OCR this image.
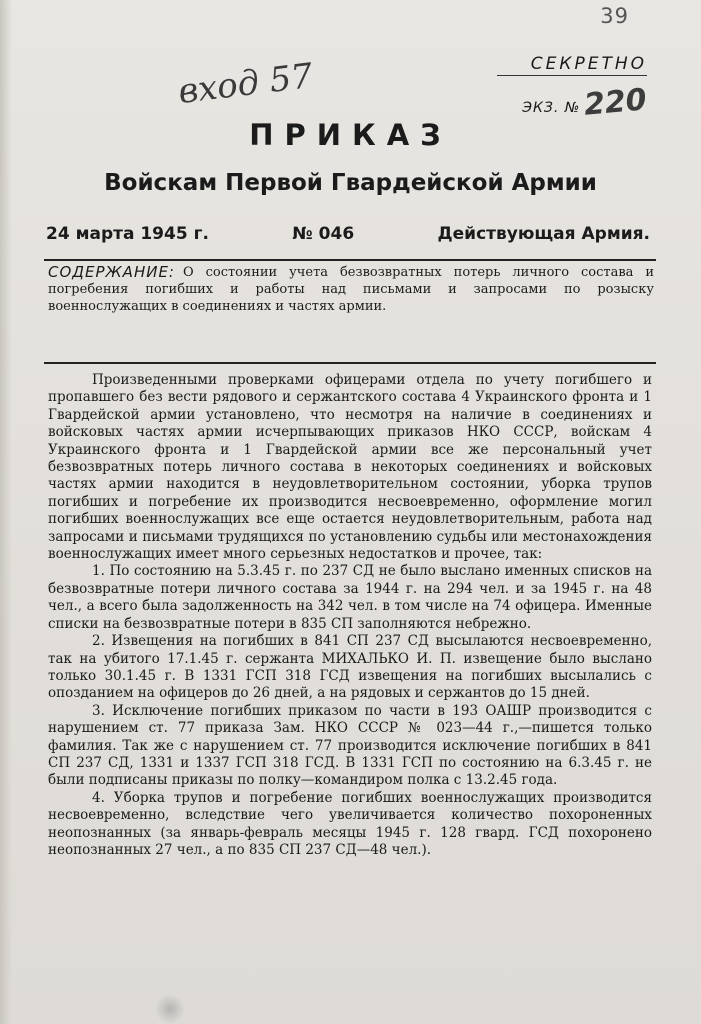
39
СЕКРЕТНО
ЭКЗ. №220
вход 57
ПРИКАЗ
Войскам Первой Гвардейской Армии
24 марта 1945 г.	№ 046	Действующая Армия.
СОДЕРЖАНИЕ: О состоянии учета безвозвратных потерь личного состава и погребения погибших и работы над письмами и запросами по розыску военнослужащих в соединениях и частях армии.

Произведенными проверками офицерами отдела по учету погибшего и пропавшего без вести рядового и сержантского состава 4 Украинского фронта и 1 Гвардейской армии установлено, что несмотря на наличие в соединениях и войсковых частях армии исчерпывающих приказов НКО СССР, войскам 4 Украинского фронта и 1 Гвардейской армии все же персональный учет безвозвратных потерь личного состава в некоторых соединениях и войсковых частях армии находится в неудовлетворительном состоянии, уборка трупов погибших и погребение их производится несвоевременно, оформление могил погибших военнослужащих все еще остается неудовлетворительным, работа над запросами и письмами трудящихся по установлению судьбы или местонахождения военнослужащих имеет много серьезных недостатков и прочее, так:

1. По состоянию на 5.3.45 г. по 237 СД не было выслано именных списков на безвозвратные потери личного состава за 1944 г. на 294 чел. и за 1945 г. на 48 чел., а всего была задолженность на 342 чел. в том числе на 74 офицера. Именные списки на безвозвратные потери в 835 СП заполняются небрежно.

2. Извещения на погибших в 841 СП 237 СД высылаются несвоевременно, так на убитого 17.1.45 г. сержанта МИХАЛЬКО И. П. извещение было выслано только 30.1.45 г. В 1331 ГСП 318 ГСД извещения на погибших высылались с опозданием на офицеров до 26 дней, а на рядовых и сержантов до 15 дней.

3. Исключение погибших приказом по части в 193 ОАШР производится с нарушением ст. 77 приказа Зам. НКО СССР № 023—44 г.,—пишется только фамилия. Так же с нарушением ст. 77 производится исключение погибших в 841 СП 237 СД, 1331 и 1337 ГСП 318 ГСД. В 1331 ГСП по состоянию на 6.3.45 г. не были подписаны приказы по полку—командиром полка с 13.2.45 года.

4. Уборка трупов и погребение погибших военнослужащих производится несвоевременно, вследствие чего увеличивается количество похороненных неопознанных (за январь-февраль месяцы 1945 г. 128 гвард. ГСД похоронено неопознанных 27 чел., а по 835 СП 237 СД—48 чел.).
